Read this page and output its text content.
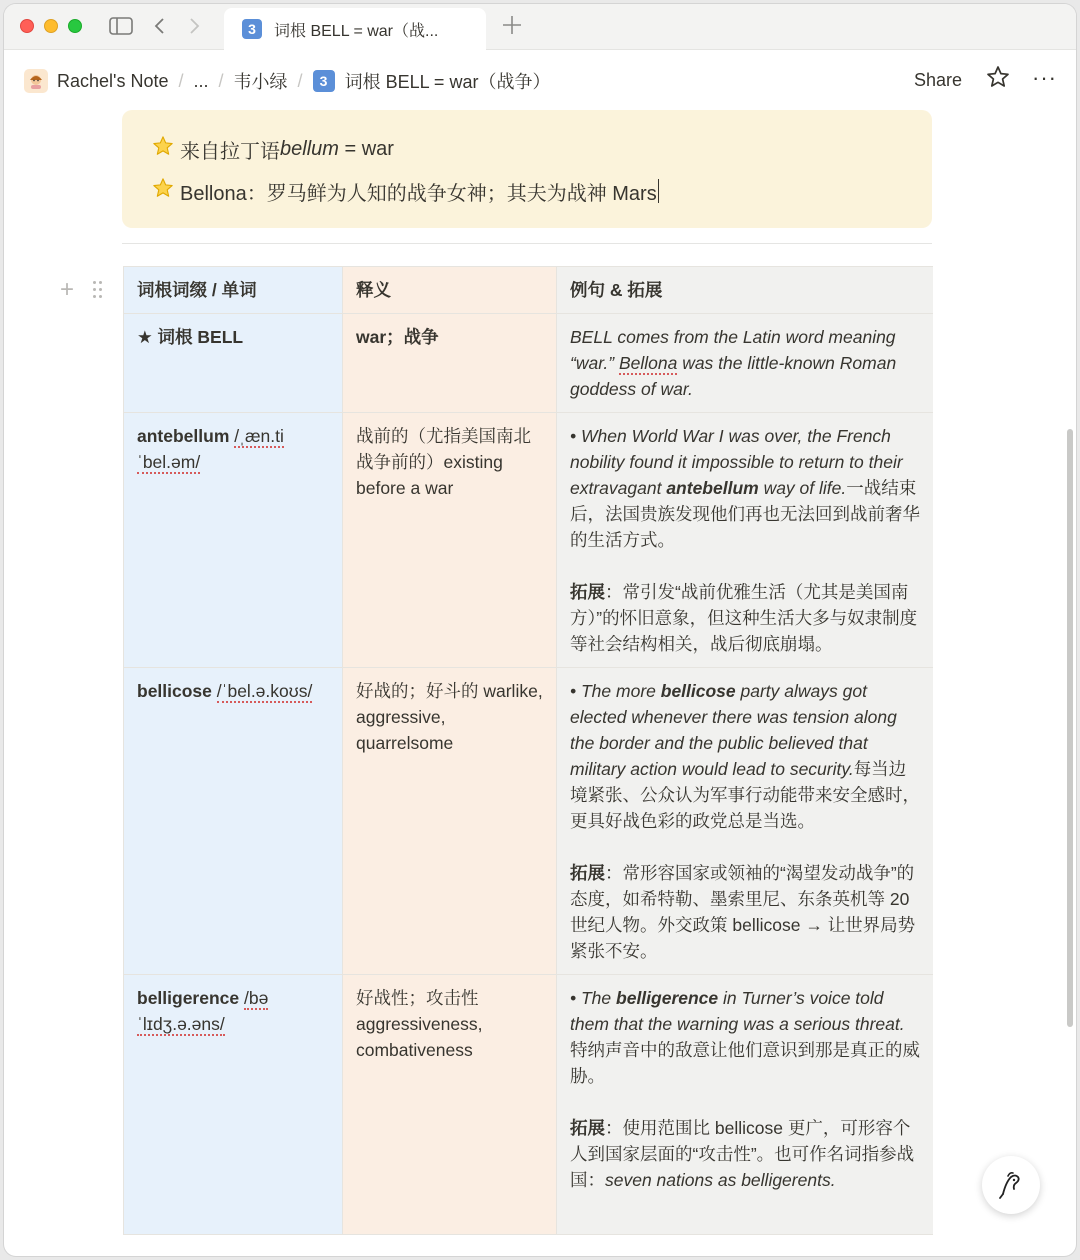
3	词根 BELL = war（战...
Rachel's Note / ... / 韦小绿 /	3 词根 BELL = war（战争）	Share	···
来自拉丁语 bellum = war
Bellona：罗马鲜为人知的战争女神；其夫为战神 Mars
+	词根词缀 / 单词	释义	例句 & 拓展
★ 词根 BELL	war；战争	BELL comes from the Latin word meaning “war.” Bellona was the little-known Roman goddess of war.
antebellum /ˌæn.tiˈbel.əm/	战前的（尤指美国南北战争前的）existing before a war	• When World War I was over, the French nobility found it impossible to return to their extravagant antebellum way of life.一战结束后，法国贵族发现他们再也无法回到战前奢华的生活方式。
拓展：常引发“战前优雅生活（尤其是美国南方）”的怀旧意象，但这种生活大多与奴隶制度等社会结构相关，战后彻底崩塌。

bellicose /ˈbel.ə.koʊs/	好战的；好斗的 warlike, aggressive, quarrelsome	• The more bellicose party always got elected whenever there was tension along the border and the public believed that military action would lead to security.每当边境紧张、公众认为军事行动能带来安全感时，更具好战色彩的政党总是当选。
拓展：常形容国家或领袖的“渴望发动战争”的态度，如希特勒、墨索里尼、东条英机等 20 世纪人物。外交政策 bellicose → 让世界局势紧张不安。

belligerence /bəˈlɪdʒ.ə.əns/	好战性；攻击性 aggressiveness, combativeness	• The belligerence in Turner’s voice told them that the warning was a serious threat.特纳声音中的敌意让他们意识到那是真正的威胁。
拓展：使用范围比 bellicose 更广，可形容个人到国家层面的“攻击性”。也可作名词指参战国：seven nations as belligerents.
